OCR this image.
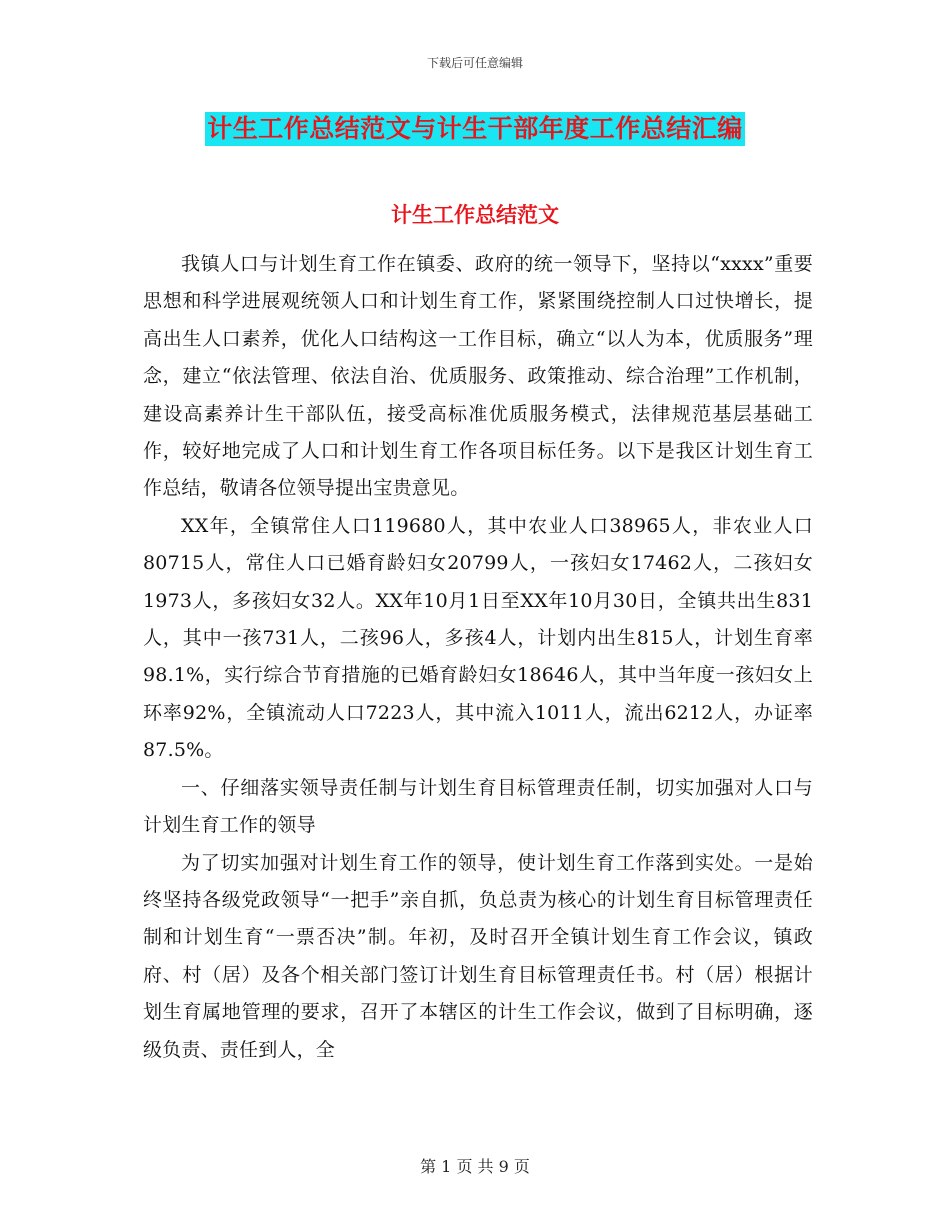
下载后可任意编辑
计生工作总结范文与计生干部年度工作总结汇编
计生工作总结范文

我镇人口与计划生育工作在镇委、政府的统一领导下，坚持以“xxxx”重要思想和科学进展观统领人口和计划生育工作，紧紧围绕控制人口过快增长，提高出生人口素养，优化人口结构这一工作目标，确立“以人为本，优质服务”理念，建立“依法管理、依法自治、优质服务、政策推动、综合治理”工作机制，建设高素养计生干部队伍，接受高标准优质服务模式，法律规范基层基础工作，较好地完成了人口和计划生育工作各项目标任务。以下是我区计划生育工作总结，敬请各位领导提出宝贵意见。

XX年，全镇常住人口119680人，其中农业人口38965人，非农业人口80715人，常住人口已婚育龄妇女20799人，一孩妇女17462人，二孩妇女1973人，多孩妇女32人。XX年10月1日至XX年10月30日，全镇共出生831人，其中一孩731人，二孩96人，多孩4人，计划内出生815人，计划生育率98.1%，实行综合节育措施的已婚育龄妇女18646人，其中当年度一孩妇女上环率92%，全镇流动人口7223人，其中流入1011人，流出6212人，办证率87.5%。

一、仔细落实领导责任制与计划生育目标管理责任制，切实加强对人口与计划生育工作的领导

为了切实加强对计划生育工作的领导，使计划生育工作落到实处。一是始终坚持各级党政领导“一把手”亲自抓，负总责为核心的计划生育目标管理责任制和计划生育“一票否决”制。年初，及时召开全镇计划生育工作会议，镇政府、村（居）及各个相关部门签订计划生育目标管理责任书。村（居）根据计划生育属地管理的要求，召开了本辖区的计生工作会议，做到了目标明确，逐级负责、责任到人，全

第 1 页 共 9 页
